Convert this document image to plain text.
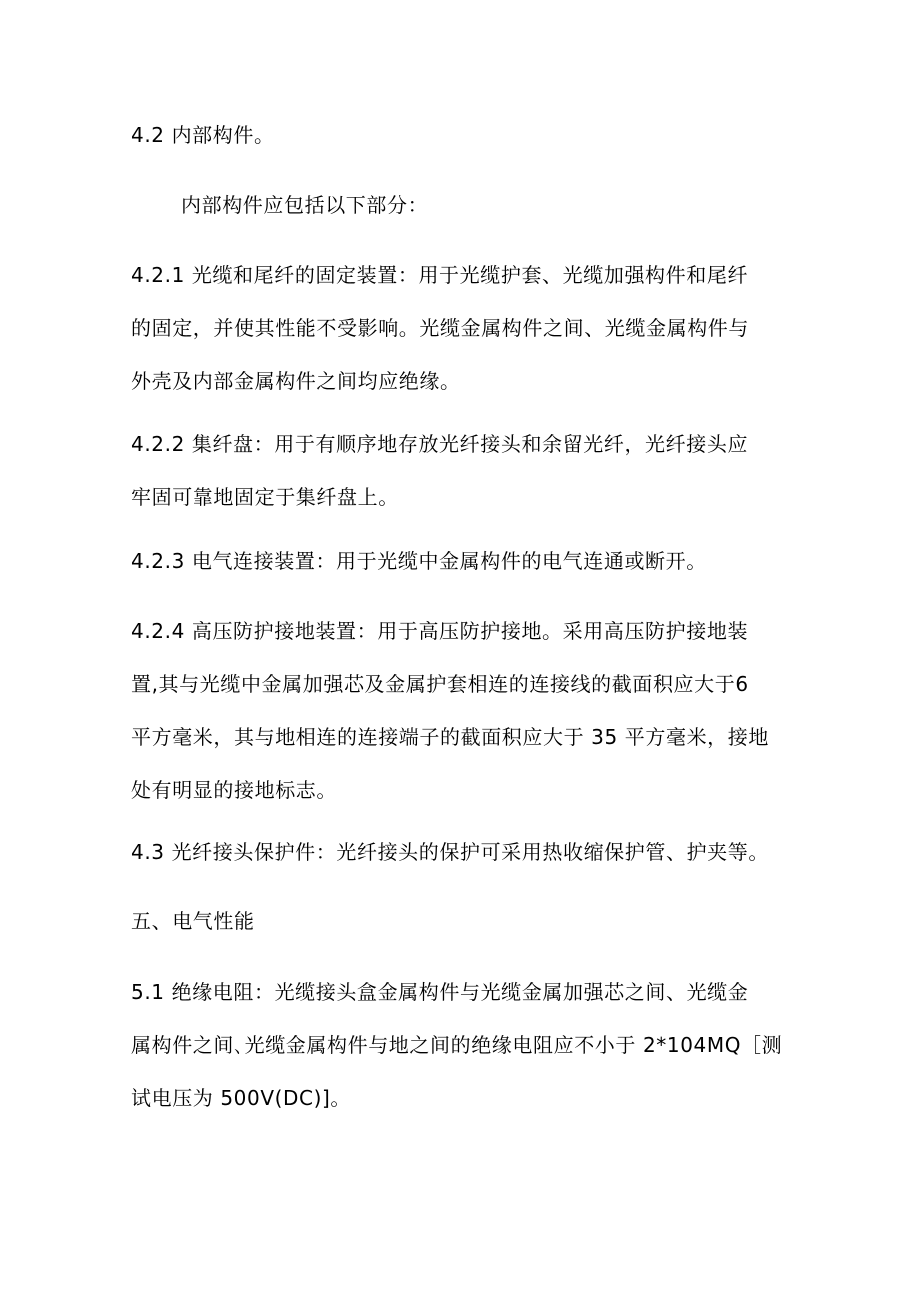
4.2 内部构件。
内部构件应包括以下部分：
4.2.1 光缆和尾纤的固定装置：用于光缆护套、光缆加强构件和尾纤
的固定，并使其性能不受影响。光缆金属构件之间、光缆金属构件与
外壳及内部金属构件之间均应绝缘。
4.2.2 集纤盘：用于有顺序地存放光纤接头和余留光纤，光纤接头应
牢固可靠地固定于集纤盘上。
4.2.3 电气连接装置：用于光缆中金属构件的电气连通或断开。
4.2.4 高压防护接地装置：用于高压防护接地。采用高压防护接地装
置,其与光缆中金属加强芯及金属护套相连的连接线的截面积应大于6
平方毫米，其与地相连的连接端子的截面积应大于 35 平方毫米，接地
处有明显的接地标志。
4.3 光纤接头保护件：光纤接头的保护可采用热收缩保护管、护夹等。
五、电气性能
5.1 绝缘电阻：光缆接头盒金属构件与光缆金属加强芯之间、光缆金
属构件之间､光缆金属构件与地之间的绝缘电阻应不小于 2*104MQ［测
试电压为 500V(DC)]。
